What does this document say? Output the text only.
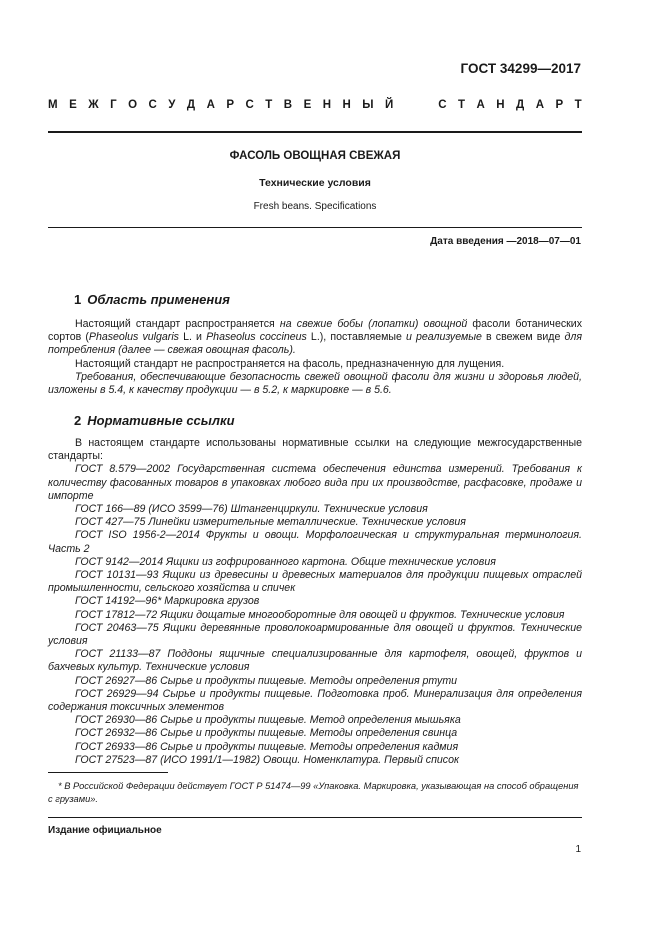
ГОСТ 34299—2017
М Е Ж Г О С У Д А Р С Т В Е Н Н Ы Й	С Т А Н Д А Р Т
ФАСОЛЬ ОВОЩНАЯ СВЕЖАЯ
Технические условия
Fresh beans. Specifications
Дата введения —2018—07—01
1 Область применения

Настоящий стандарт распространяется на свежие бобы (лопатки) овощной фасоли ботанических сортов (Phaseolus vulgaris L. и Phaseolus coccineus L.), поставляемые и реализуемые в свежем виде для потребления (далее — свежая овощная фасоль).

Настоящий стандарт не распространяется на фасоль, предназначенную для лущения.

Требования, обеспечивающие безопасность свежей овощной фасоли для жизни и здоровья людей, изложены в 5.4, к качеству продукции — в 5.2, к маркировке — в 5.6.

2 Нормативные ссылки

В настоящем стандарте использованы нормативные ссылки на следующие межгосударственные стандарты:

ГОСТ 8.579—2002 Государственная система обеспечения единства измерений. Требования к количеству фасованных товаров в упаковках любого вида при их производстве, расфасовке, продаже и импорте

ГОСТ 166—89 (ИСО 3599—76) Штангенциркули. Технические условия

ГОСТ 427—75 Линейки измерительные металлические. Технические условия

ГОСТ ISO 1956-2—2014 Фрукты и овощи. Морфологическая и структуральная терминология. Часть 2

ГОСТ 9142—2014 Ящики из гофрированного картона. Общие технические условия

ГОСТ 10131—93 Ящики из древесины и древесных материалов для продукции пищевых отраслей промышленности, сельского хозяйства и спичек

ГОСТ 14192—96* Маркировка грузов

ГОСТ 17812—72 Ящики дощатые многооборотные для овощей и фруктов. Технические условия

ГОСТ 20463—75 Ящики деревянные проволокоармированные для овощей и фруктов. Технические условия

ГОСТ 21133—87 Поддоны ящичные специализированные для картофеля, овощей, фруктов и бахчевых культур. Технические условия

ГОСТ 26927—86 Сырье и продукты пищевые. Методы определения ртути

ГОСТ 26929—94 Сырье и продукты пищевые. Подготовка проб. Минерализация для определения содержания токсичных элементов

ГОСТ 26930—86 Сырье и продукты пищевые. Метод определения мышьяка

ГОСТ 26932—86 Сырье и продукты пищевые. Методы определения свинца

ГОСТ 26933—86 Сырье и продукты пищевые. Методы определения кадмия

ГОСТ 27523—87 (ИСО 1991/1—1982) Овощи. Номенклатура. Первый список

* В Российской Федерации действует ГОСТ Р 51474—99 «Упаковка. Маркировка, указывающая на способ обращения с грузами».

Издание официальное
1
